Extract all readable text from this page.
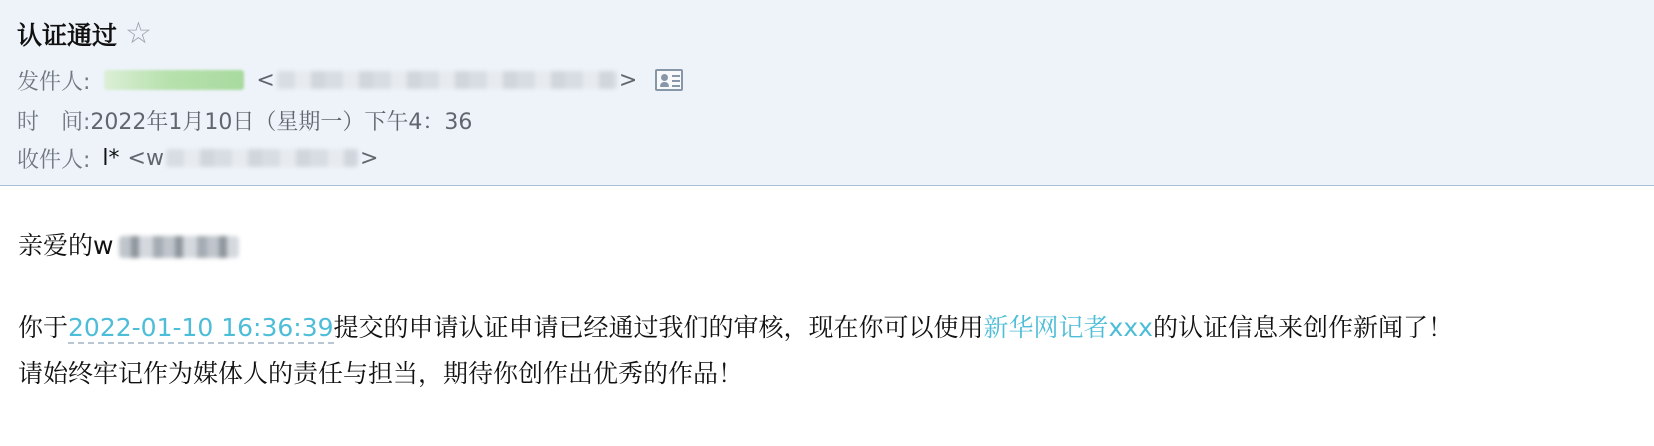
认证通过 ☆
发件人:	<	>
时　间: 2022年1月10日（星期一）下午4：36
收件人: l* <w	>
亲爱的w
你于2022-01-10 16:36:39提交的申请认证申请已经通过我们的审核，现在你可以使用新华网记者xxx的认证信息来创作新闻了！
请始终牢记作为媒体人的责任与担当，期待你创作出优秀的作品！
